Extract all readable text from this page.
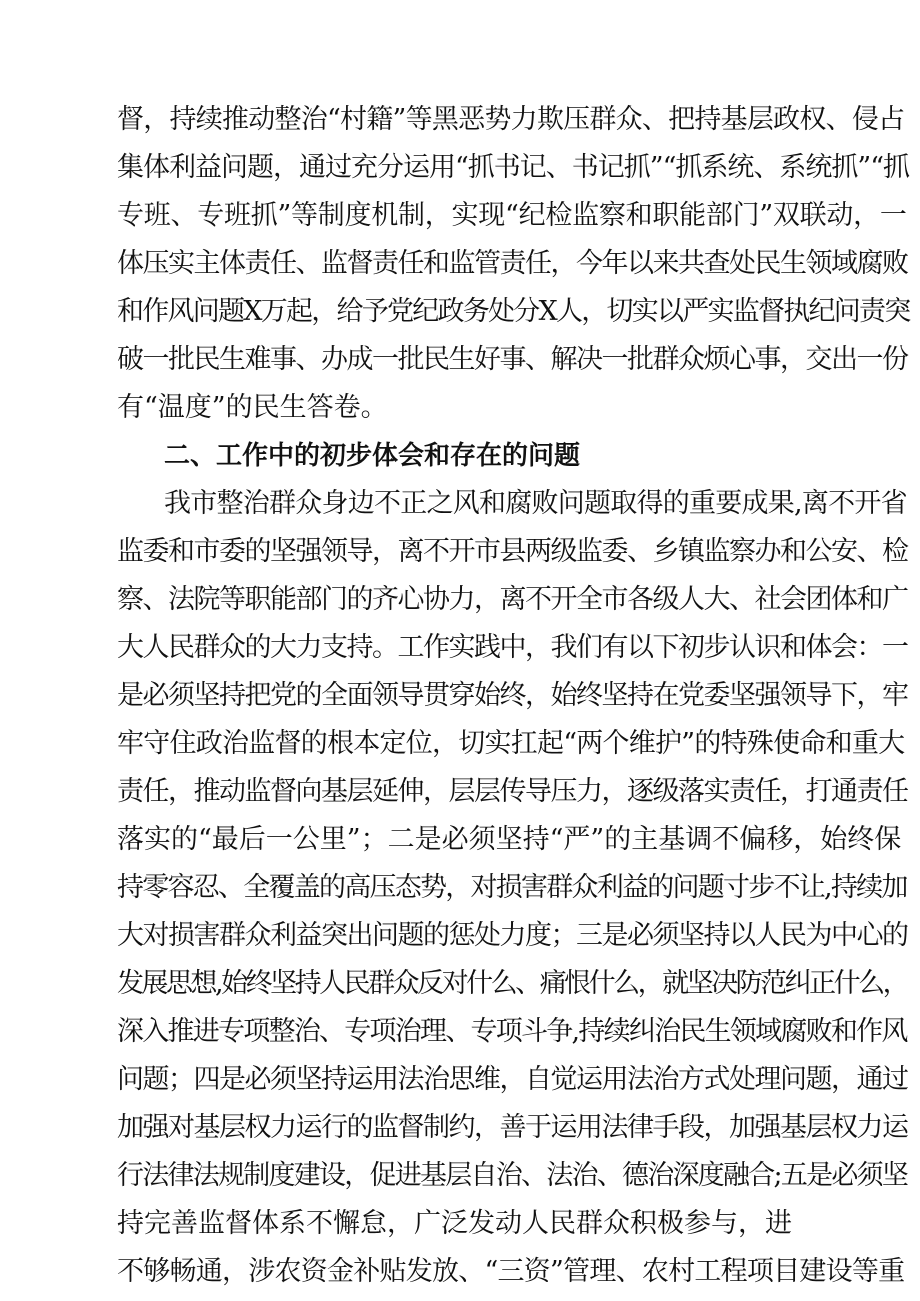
督，持续推动整治“村籍”等黑恶势力欺压群众、把持基层政权、侵占
集体利益问题，通过充分运用“抓书记、书记抓”“抓系统、系统抓”“抓
专班、专班抓”等制度机制，实现“纪检监察和职能部门”双联动，一
体压实主体责任、监督责任和监管责任，今年以来共查处民生领域腐败
和作风问题X万起，给予党纪政务处分X人，切实以严实监督执纪问责突
破一批民生难事、办成一批民生好事、解决一批群众烦心事，交出一份
有“温度”的民生答卷。
二、工作中的初步体会和存在的问题
我市整治群众身边不正之风和腐败问题取得的重要成果,离不开省
监委和市委的坚强领导，离不开市县两级监委、乡镇监察办和公安、检
察、法院等职能部门的齐心协力，离不开全市各级人大、社会团体和广
大人民群众的大力支持。工作实践中，我们有以下初步认识和体会：一
是必须坚持把党的全面领导贯穿始终，始终坚持在党委坚强领导下，牢
牢守住政治监督的根本定位，切实扛起“两个维护”的特殊使命和重大
责任，推动监督向基层延伸，层层传导压力，逐级落实责任，打通责任
落实的“最后一公里”；二是必须坚持“严”的主基调不偏移，始终保
持零容忍、全覆盖的高压态势，对损害群众利益的问题寸步不让,持续加
大对损害群众利益突出问题的惩处力度；三是必须坚持以人民为中心的
发展思想,始终坚持人民群众反对什么、痛恨什么，就坚决防范纠正什么，
深入推进专项整治、专项治理、专项斗争,持续纠治民生领域腐败和作风
问题；四是必须坚持运用法治思维，自觉运用法治方式处理问题，通过
加强对基层权力运行的监督制约，善于运用法律手段，加强基层权力运
行法律法规制度建设，促进基层自治、法治、德治深度融合;五是必须坚
持完善监督体系不懈怠，广泛发动人民群众积极参与，进
不够畅通，涉农资金补贴发放、“三资”管理、农村工程项目建设等重
